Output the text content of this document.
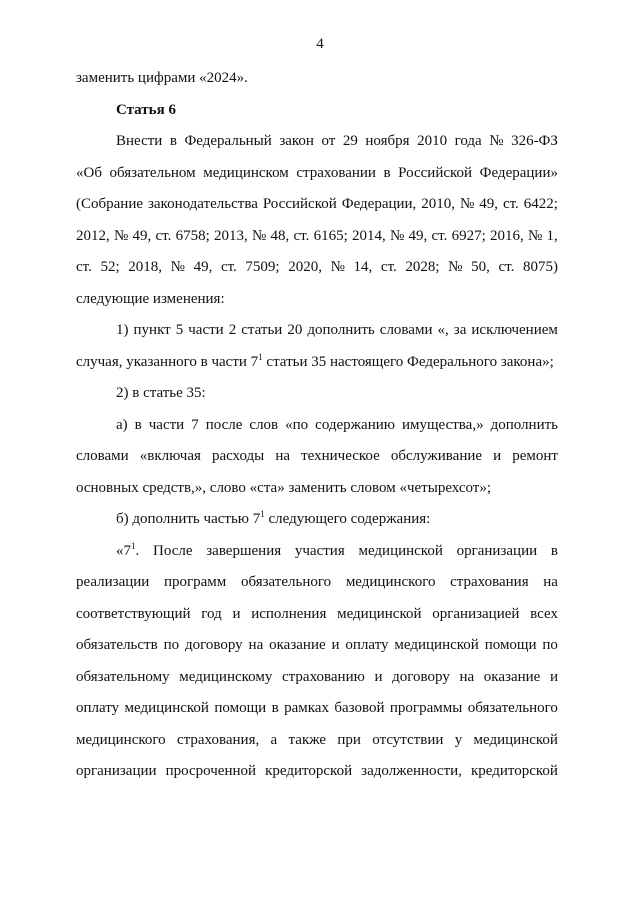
4
заменить цифрами «2024».
Статья 6
Внести в Федеральный закон от 29 ноября 2010 года № 326-ФЗ
«Об обязательном медицинском страховании в Российской Федерации»
(Собрание законодательства Российской Федерации, 2010, № 49, ст. 6422;
2012, № 49, ст. 6758; 2013, № 48, ст. 6165; 2014, № 49, ст. 6927; 2016, № 1,
ст. 52; 2018, № 49, ст. 7509; 2020, № 14, ст. 2028; № 50, ст. 8075)
следующие изменения:
1) пункт 5 части 2 статьи 20 дополнить словами «, за исключением
случая, указанного в части $7^1$ статьи 35 настоящего Федерального закона»;
2) в статье 35:
а) в части 7 после слов «по содержанию имущества,» дополнить
словами «включая расходы на техническое обслуживание и ремонт
основных средств,», слово «ста» заменить словом «четырехсот»;
б) дополнить частью $7^1$ следующего содержания:
«$7^1$. После завершения участия медицинской организации в
реализации программ обязательного медицинского страхования на
соответствующий год и исполнения медицинской организацией всех
обязательств по договору на оказание и оплату медицинской помощи по
обязательному медицинскому страхованию и договору на оказание и
оплату медицинской помощи в рамках базовой программы обязательного
медицинского страхования, а также при отсутствии у медицинской
организации просроченной кредиторской задолженности, кредиторской
